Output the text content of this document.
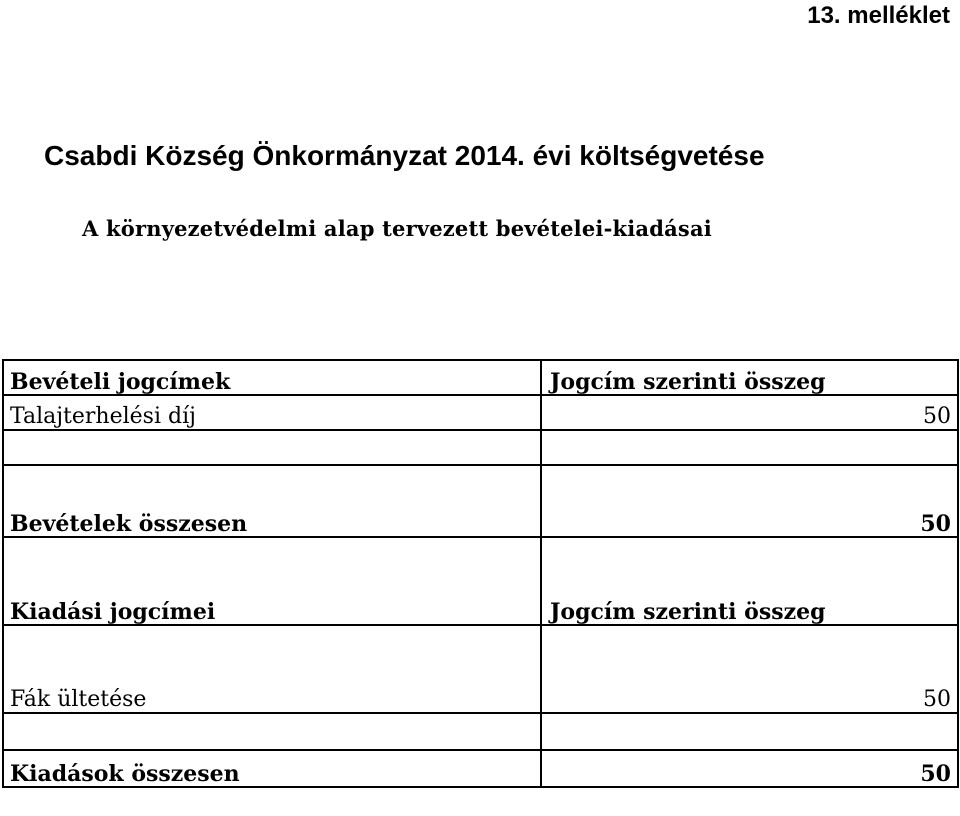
13. melléklet
Csabdi Község Önkormányzat 2014. évi költségvetése
A környezetvédelmi alap tervezett bevételei-kiadásai
Bevételi jogcímek	Jogcím szerinti összeg
Talajterhelési díj	50

Bevételek összesen	50
Kiadási jogcímei	Jogcím szerinti összeg
Fák ültetése	50

Kiadások összesen	50
